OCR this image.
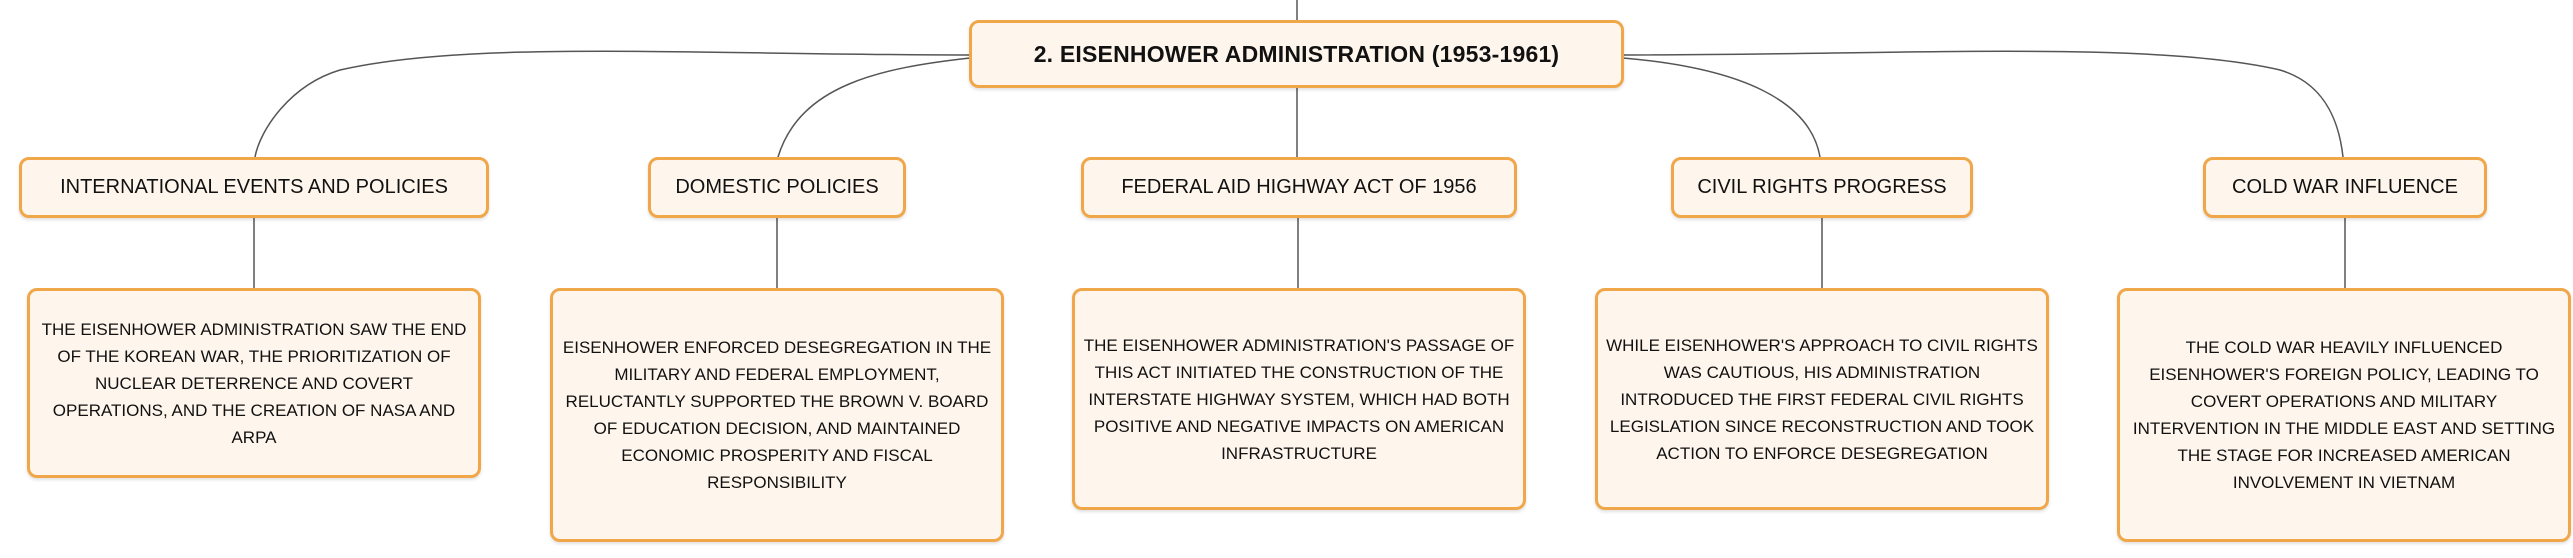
2. EISENHOWER ADMINISTRATION (1953-1961)
INTERNATIONAL EVENTS AND POLICIES
THE EISENHOWER ADMINISTRATION SAW THE END OF THE KOREAN WAR, THE PRIORITIZATION OF NUCLEAR DETERRENCE AND COVERT OPERATIONS, AND THE CREATION OF NASA AND ARPA
DOMESTIC POLICIES
EISENHOWER ENFORCED DESEGREGATION IN THE MILITARY AND FEDERAL EMPLOYMENT, RELUCTANTLY SUPPORTED THE BROWN V. BOARD OF EDUCATION DECISION, AND MAINTAINED ECONOMIC PROSPERITY AND FISCAL RESPONSIBILITY
FEDERAL AID HIGHWAY ACT OF 1956
THE EISENHOWER ADMINISTRATION'S PASSAGE OF THIS ACT INITIATED THE CONSTRUCTION OF THE INTERSTATE HIGHWAY SYSTEM, WHICH HAD BOTH POSITIVE AND NEGATIVE IMPACTS ON AMERICAN INFRASTRUCTURE
CIVIL RIGHTS PROGRESS
WHILE EISENHOWER'S APPROACH TO CIVIL RIGHTS WAS CAUTIOUS, HIS ADMINISTRATION INTRODUCED THE FIRST FEDERAL CIVIL RIGHTS LEGISLATION SINCE RECONSTRUCTION AND TOOK ACTION TO ENFORCE DESEGREGATION
COLD WAR INFLUENCE
THE COLD WAR HEAVILY INFLUENCED EISENHOWER'S FOREIGN POLICY, LEADING TO COVERT OPERATIONS AND MILITARY INTERVENTION IN THE MIDDLE EAST AND SETTING THE STAGE FOR INCREASED AMERICAN INVOLVEMENT IN VIETNAM
